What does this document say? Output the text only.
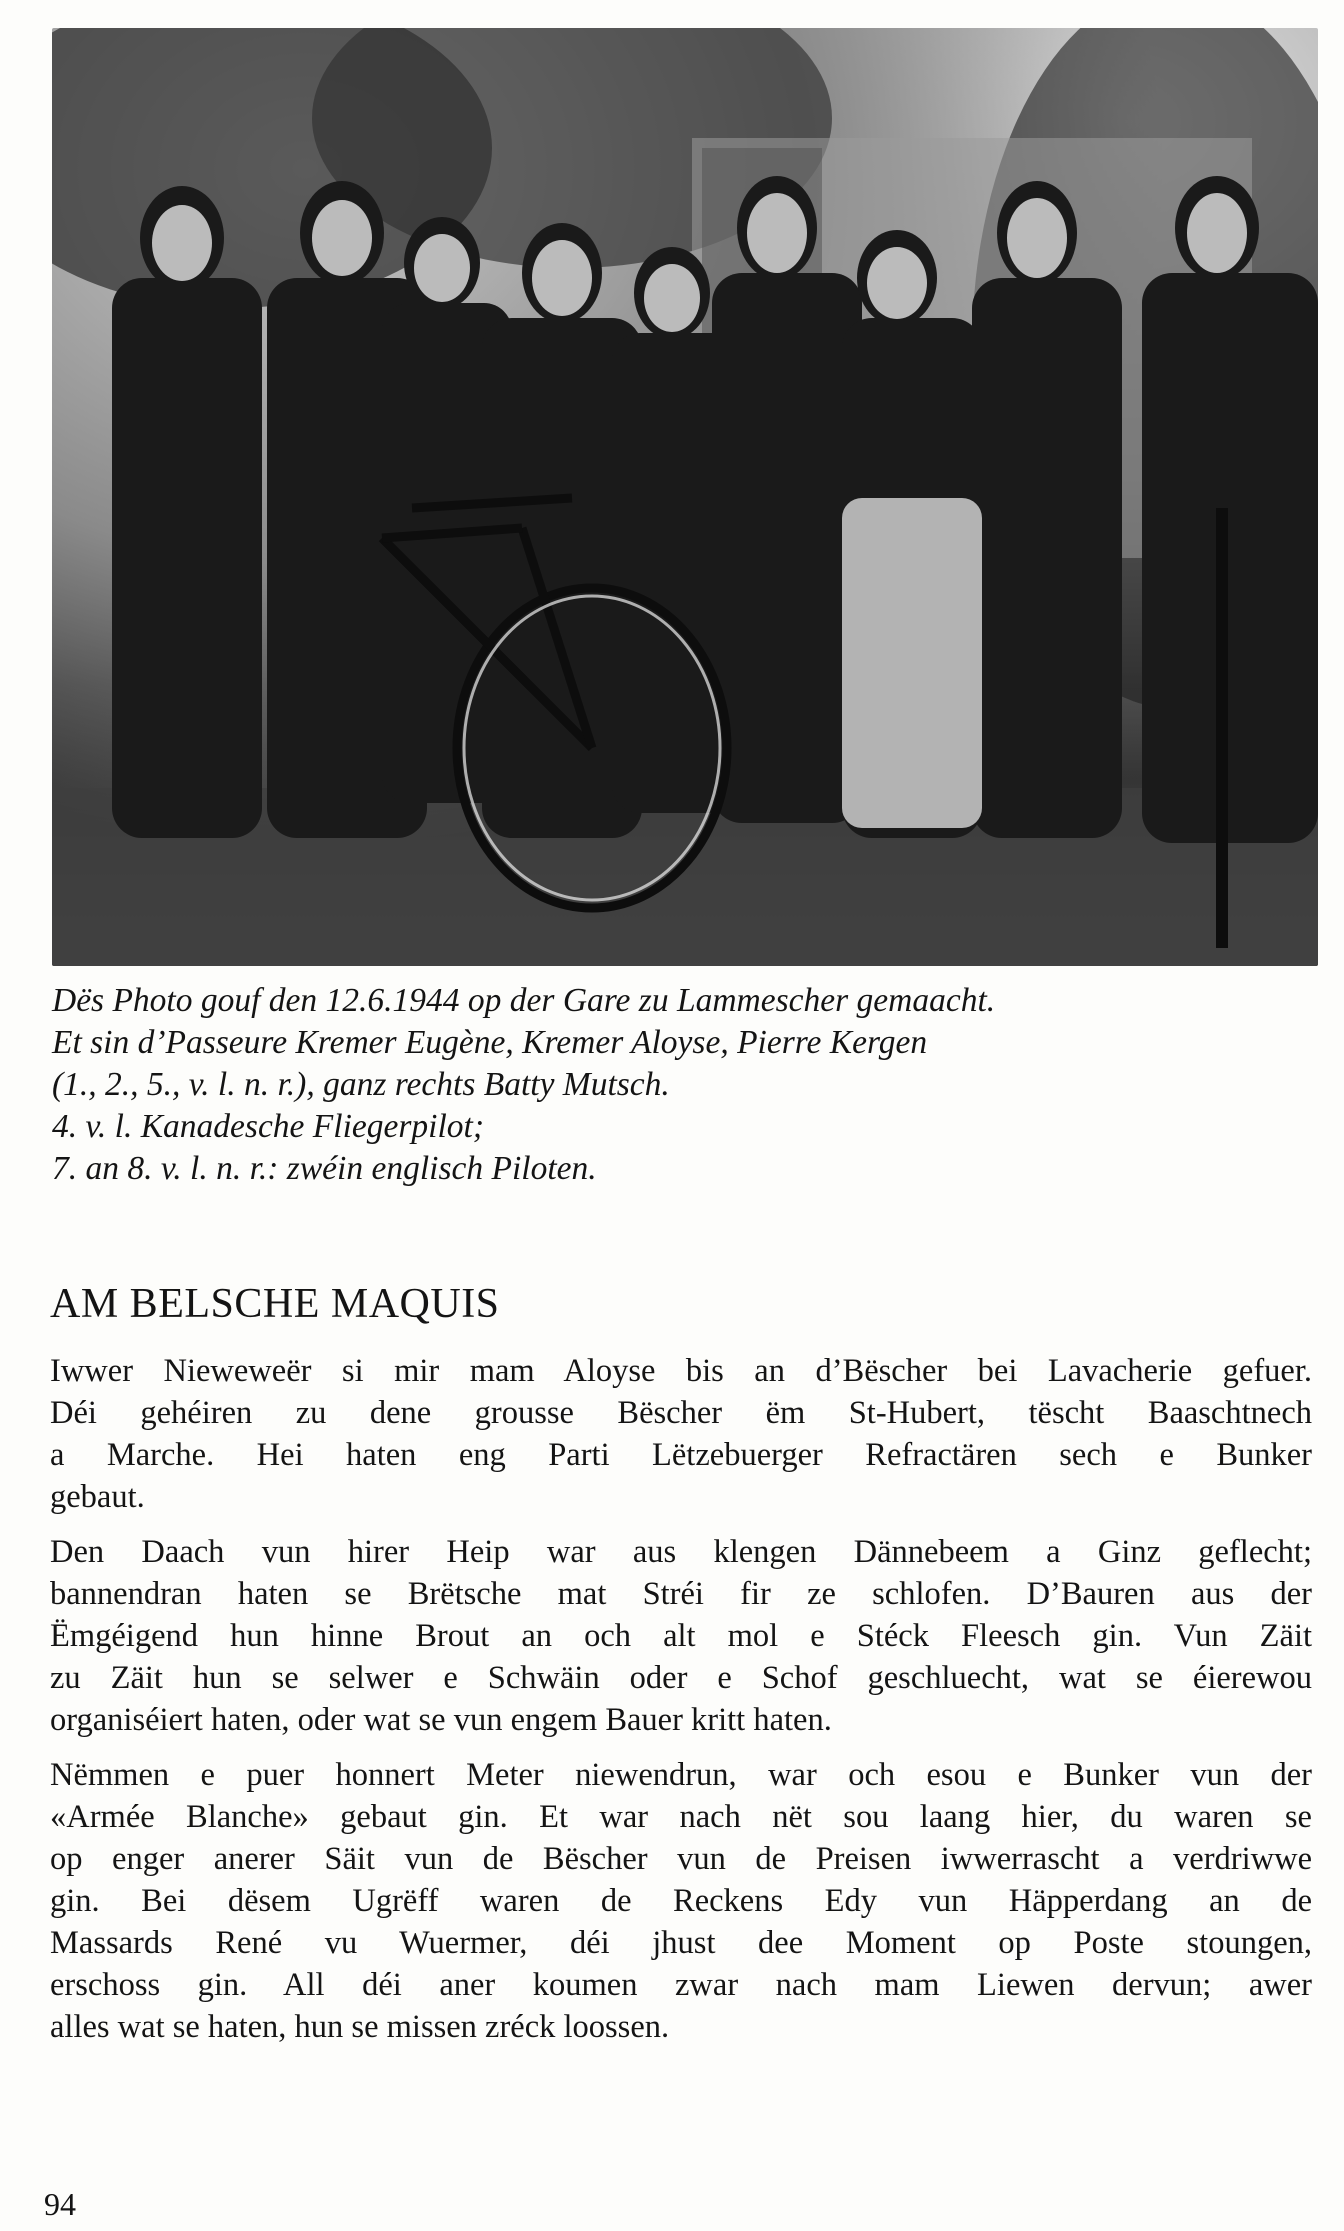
Dës Photo gouf den 12.6.1944 op der Gare zu Lammescher gemaacht.
Et sin d’Passeure Kremer Eugène, Kremer Aloyse, Pierre Kergen
(1., 2., 5., v. l. n. r.), ganz rechts Batty Mutsch.
4. v. l. Kanadesche Fliegerpilot;
7. an 8. v. l. n. r.: zwéin englisch Piloten.
AM BELSCHE MAQUIS

Iwwer Nieweweër si mir mam Aloyse bis an d’Bëscher bei Lavacherie gefuer.
Déi gehéiren zu dene grousse Bëscher ëm St-Hubert, tëscht Baaschtnech
a Marche. Hei haten eng Parti Lëtzebuerger Refractären sech e Bunker
gebaut.

Den Daach vun hirer Heip war aus klengen Dännebeem a Ginz geflecht;
bannendran haten se Brëtsche mat Stréi fir ze schlofen. D’Bauren aus der
Ëmgéigend hun hinne Brout an och alt mol e Stéck Fleesch gin. Vun Zäit
zu Zäit hun se selwer e Schwäin oder e Schof geschluecht, wat se éierewou
organiséiert haten, oder wat se vun engem Bauer kritt haten.

Nëmmen e puer honnert Meter niewendrun, war och esou e Bunker vun der
«Armée Blanche» gebaut gin. Et war nach nët sou laang hier, du waren se
op enger anerer Säit vun de Bëscher vun de Preisen iwwerrascht a verdriwwe
gin. Bei dësem Ugrëff waren de Reckens Edy vun Häpperdang an de
Massards René vu Wuermer, déi jhust dee Moment op Poste stoungen,
erschoss gin. All déi aner koumen zwar nach mam Liewen dervun; awer
alles wat se haten, hun se missen zréck loossen.

94
